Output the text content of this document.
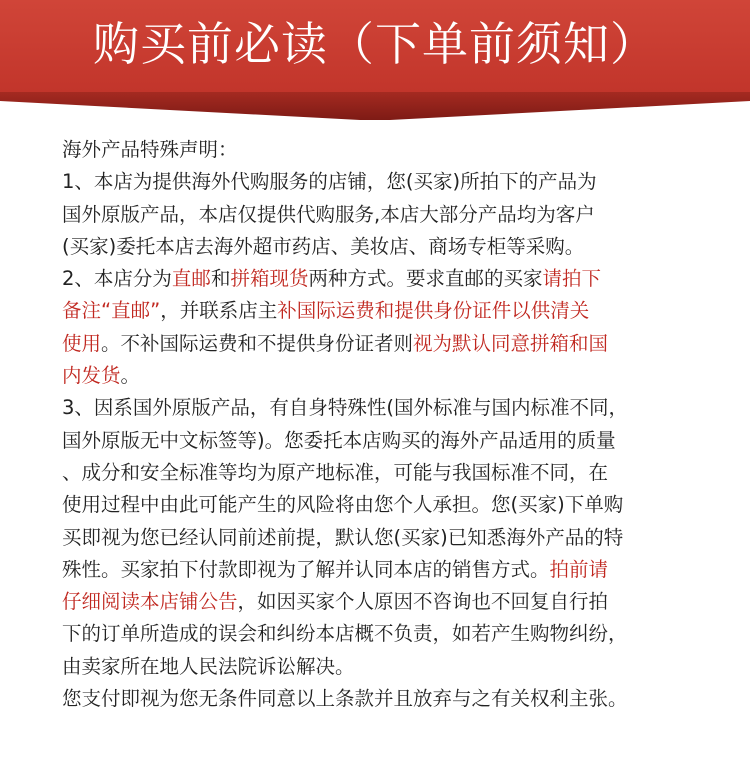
购买前必读（下单前须知）
海外产品特殊声明：
1、本店为提供海外代购服务的店铺，您(买家)所拍下的产品为
国外原版产品，本店仅提供代购服务,本店大部分产品均为客户
(买家)委托本店去海外超市药店、美妆店、商场专柜等采购。
2、本店分为直邮和拼箱现货两种方式。要求直邮的买家请拍下
备注“直邮”，并联系店主补国际运费和提供身份证件以供清关
使用。不补国际运费和不提供身份证者则视为默认同意拼箱和国
内发货。
3、因系国外原版产品，有自身特殊性(国外标准与国内标准不同，
国外原版无中文标签等)。您委托本店购买的海外产品适用的质量
、成分和安全标准等均为原产地标准，可能与我国标准不同，在
使用过程中由此可能产生的风险将由您个人承担。您(买家)下单购
买即视为您已经认同前述前提，默认您(买家)已知悉海外产品的特
殊性。买家拍下付款即视为了解并认同本店的销售方式。拍前请
仔细阅读本店铺公告，如因买家个人原因不咨询也不回复自行拍
下的订单所造成的误会和纠纷本店概不负责，如若产生购物纠纷，
由卖家所在地人民法院诉讼解决。
您支付即视为您无条件同意以上条款并且放弃与之有关权利主张。
